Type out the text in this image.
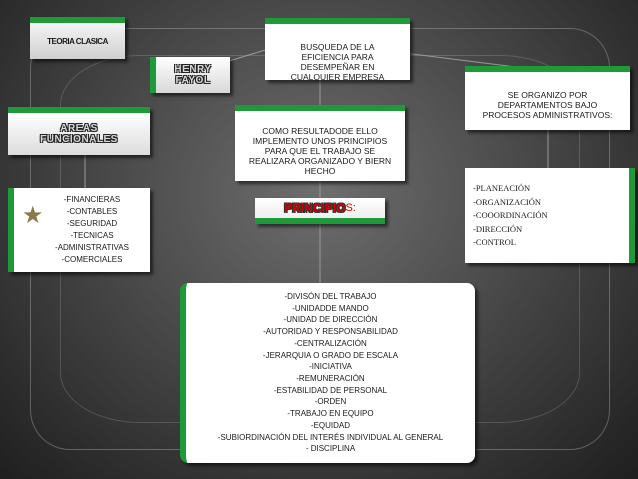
TEORIA CLASICA
HENRY
FAYOL
BUSQUEDA DE LA EFICIENCIA PARA DESEMPEÑAR EN CUALQUIER EMPRESA
SE ORGANIZO POR DEPARTAMENTOS BAJO PROCESOS ADMINISTRATIVOS:
AREAS
FUNCIONALES
COMO RESULTADODE ELLO IMPLEMENTO UNOS PRINCIPIOS PARA QUE EL TRABAJO SE REALIZARA ORGANIZADO Y BIERN HECHO
-FINANCIERAS
-CONTABLES
-SEGURIDAD
-TECNICAS
-ADMINISTRATIVAS
-COMERCIALES
★
-PLANEACIÓN
-ORGANIZACIÓN
-COOORDINACIÓN
-DIRECCIÓN
-CONTROL
PRINCIPIO S:
-DIVISÓN DEL TRABAJO
-UNIDADDE MANDO
-UNIDAD DE DIRECCIÓN
-AUTORIDAD Y RESPONSABILIDAD
-CENTRALIZACIÓN
-JERARQUIA O GRADO DE ESCALA
-INICIATIVA
-REMUNERACIÓN
-ESTABILIDAD DE PERSONAL
-ORDEN
-TRABAJO EN EQUIPO
-EQUIDAD
-SUBIORDINACIÓN DEL INTERÉS INDIVIDUAL AL GENERAL
- DISCIPLINA
